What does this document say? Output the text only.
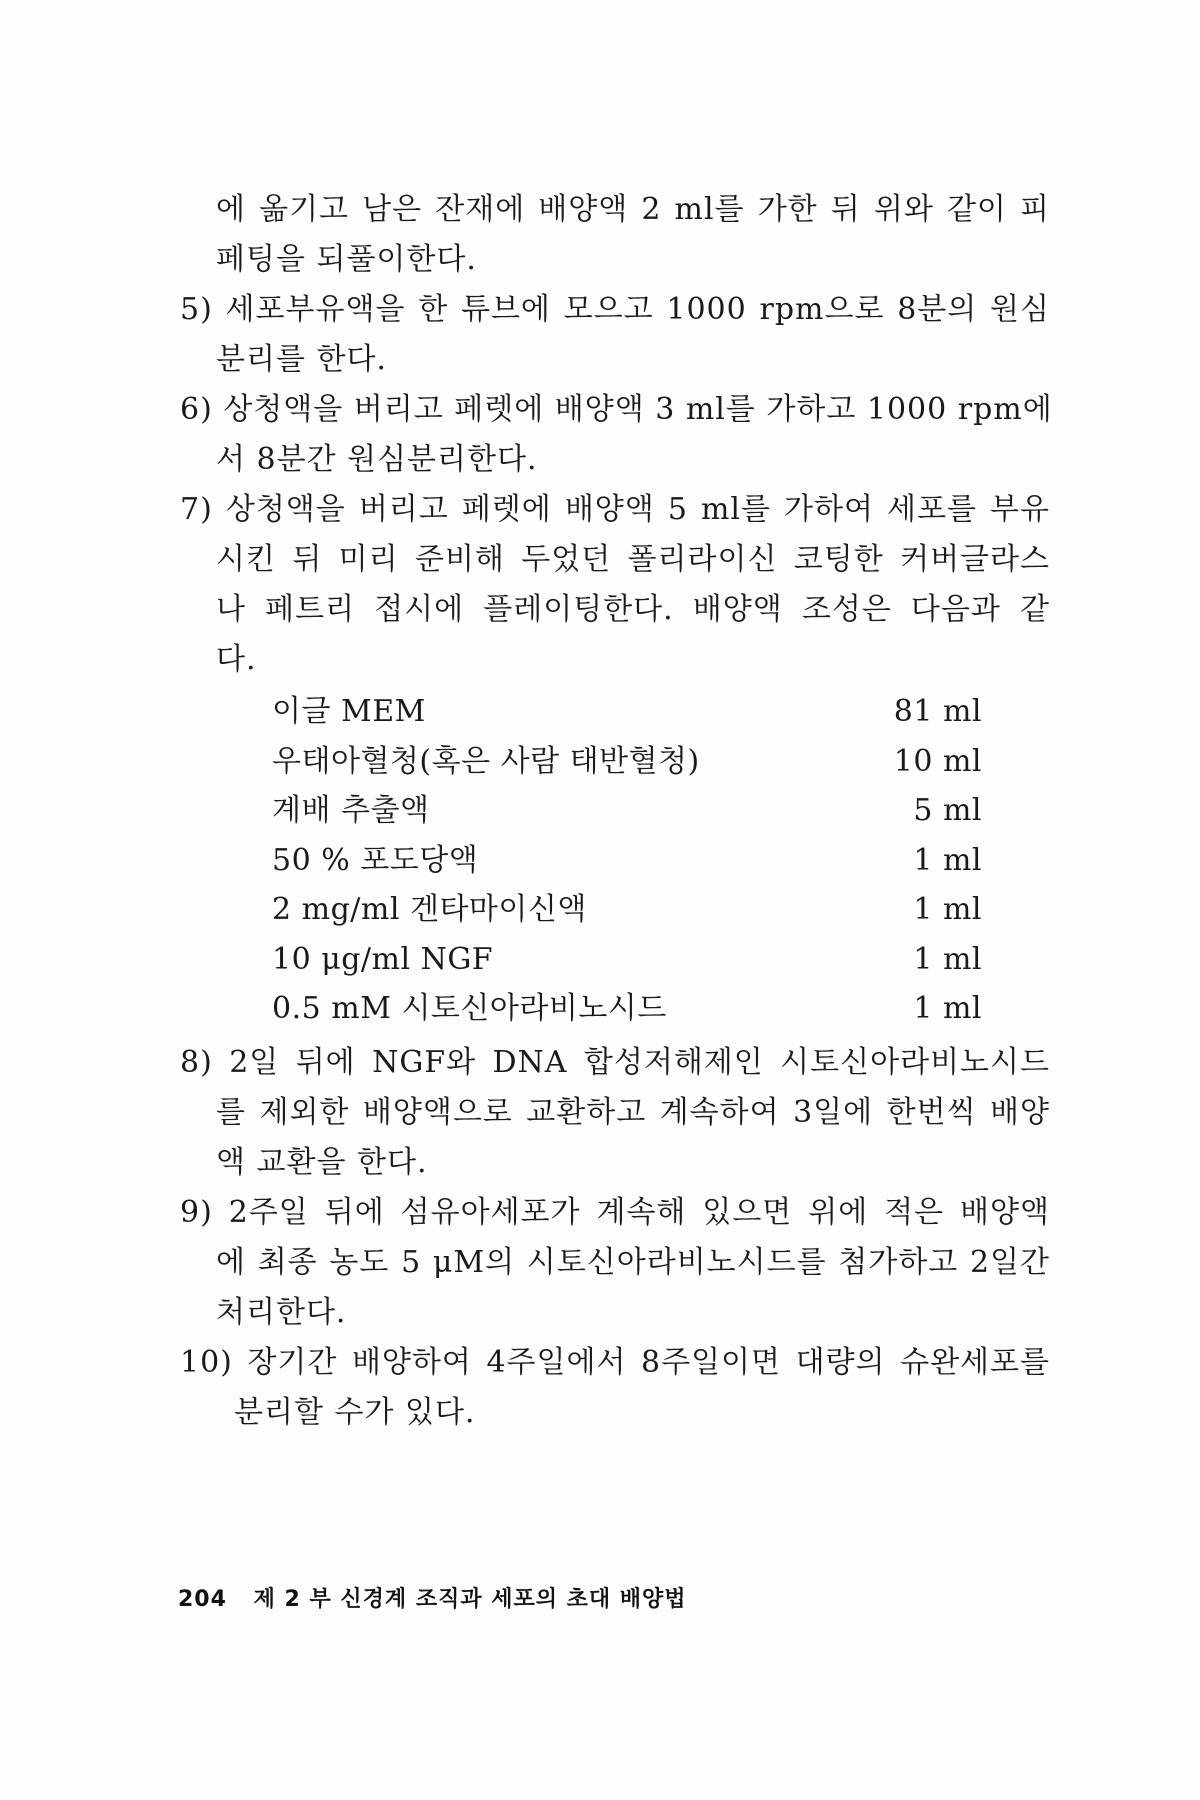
에 옮기고 남은 잔재에 배양액 2 ml를 가한 뒤 위와 같이 피
페팅을 되풀이한다.
5) 세포부유액을 한 튜브에 모으고 1000 rpm으로 8분의 원심
분리를 한다.
6) 상청액을 버리고 페렛에 배양액 3 ml를 가하고 1000 rpm에
서 8분간 원심분리한다.
7) 상청액을 버리고 페렛에 배양액 5 ml를 가하여 세포를 부유
시킨 뒤 미리 준비해 두었던 폴리라이신 코팅한 커버글라스
나 페트리 접시에 플레이팅한다. 배양액 조성은 다음과 같
다.
이글 MEM	81 ml
우태아혈청(혹은 사람 태반혈청)	10 ml
계배 추출액	5 ml
50 % 포도당액	1 ml
2 mg/ml 겐타마이신액	1 ml
10 μg/ml NGF	1 ml
0.5 mM 시토신아라비노시드	1 ml
8) 2일 뒤에 NGF와 DNA 합성저해제인 시토신아라비노시드
를 제외한 배양액으로 교환하고 계속하여 3일에 한번씩 배양
액 교환을 한다.
9) 2주일 뒤에 섬유아세포가 계속해 있으면 위에 적은 배양액
에 최종 농도 5 μM의 시토신아라비노시드를 첨가하고 2일간
처리한다.
10) 장기간 배양하여 4주일에서 8주일이면 대량의 슈완세포를
분리할 수가 있다.
204 제 2 부 신경계 조직과 세포의 초대 배양법
